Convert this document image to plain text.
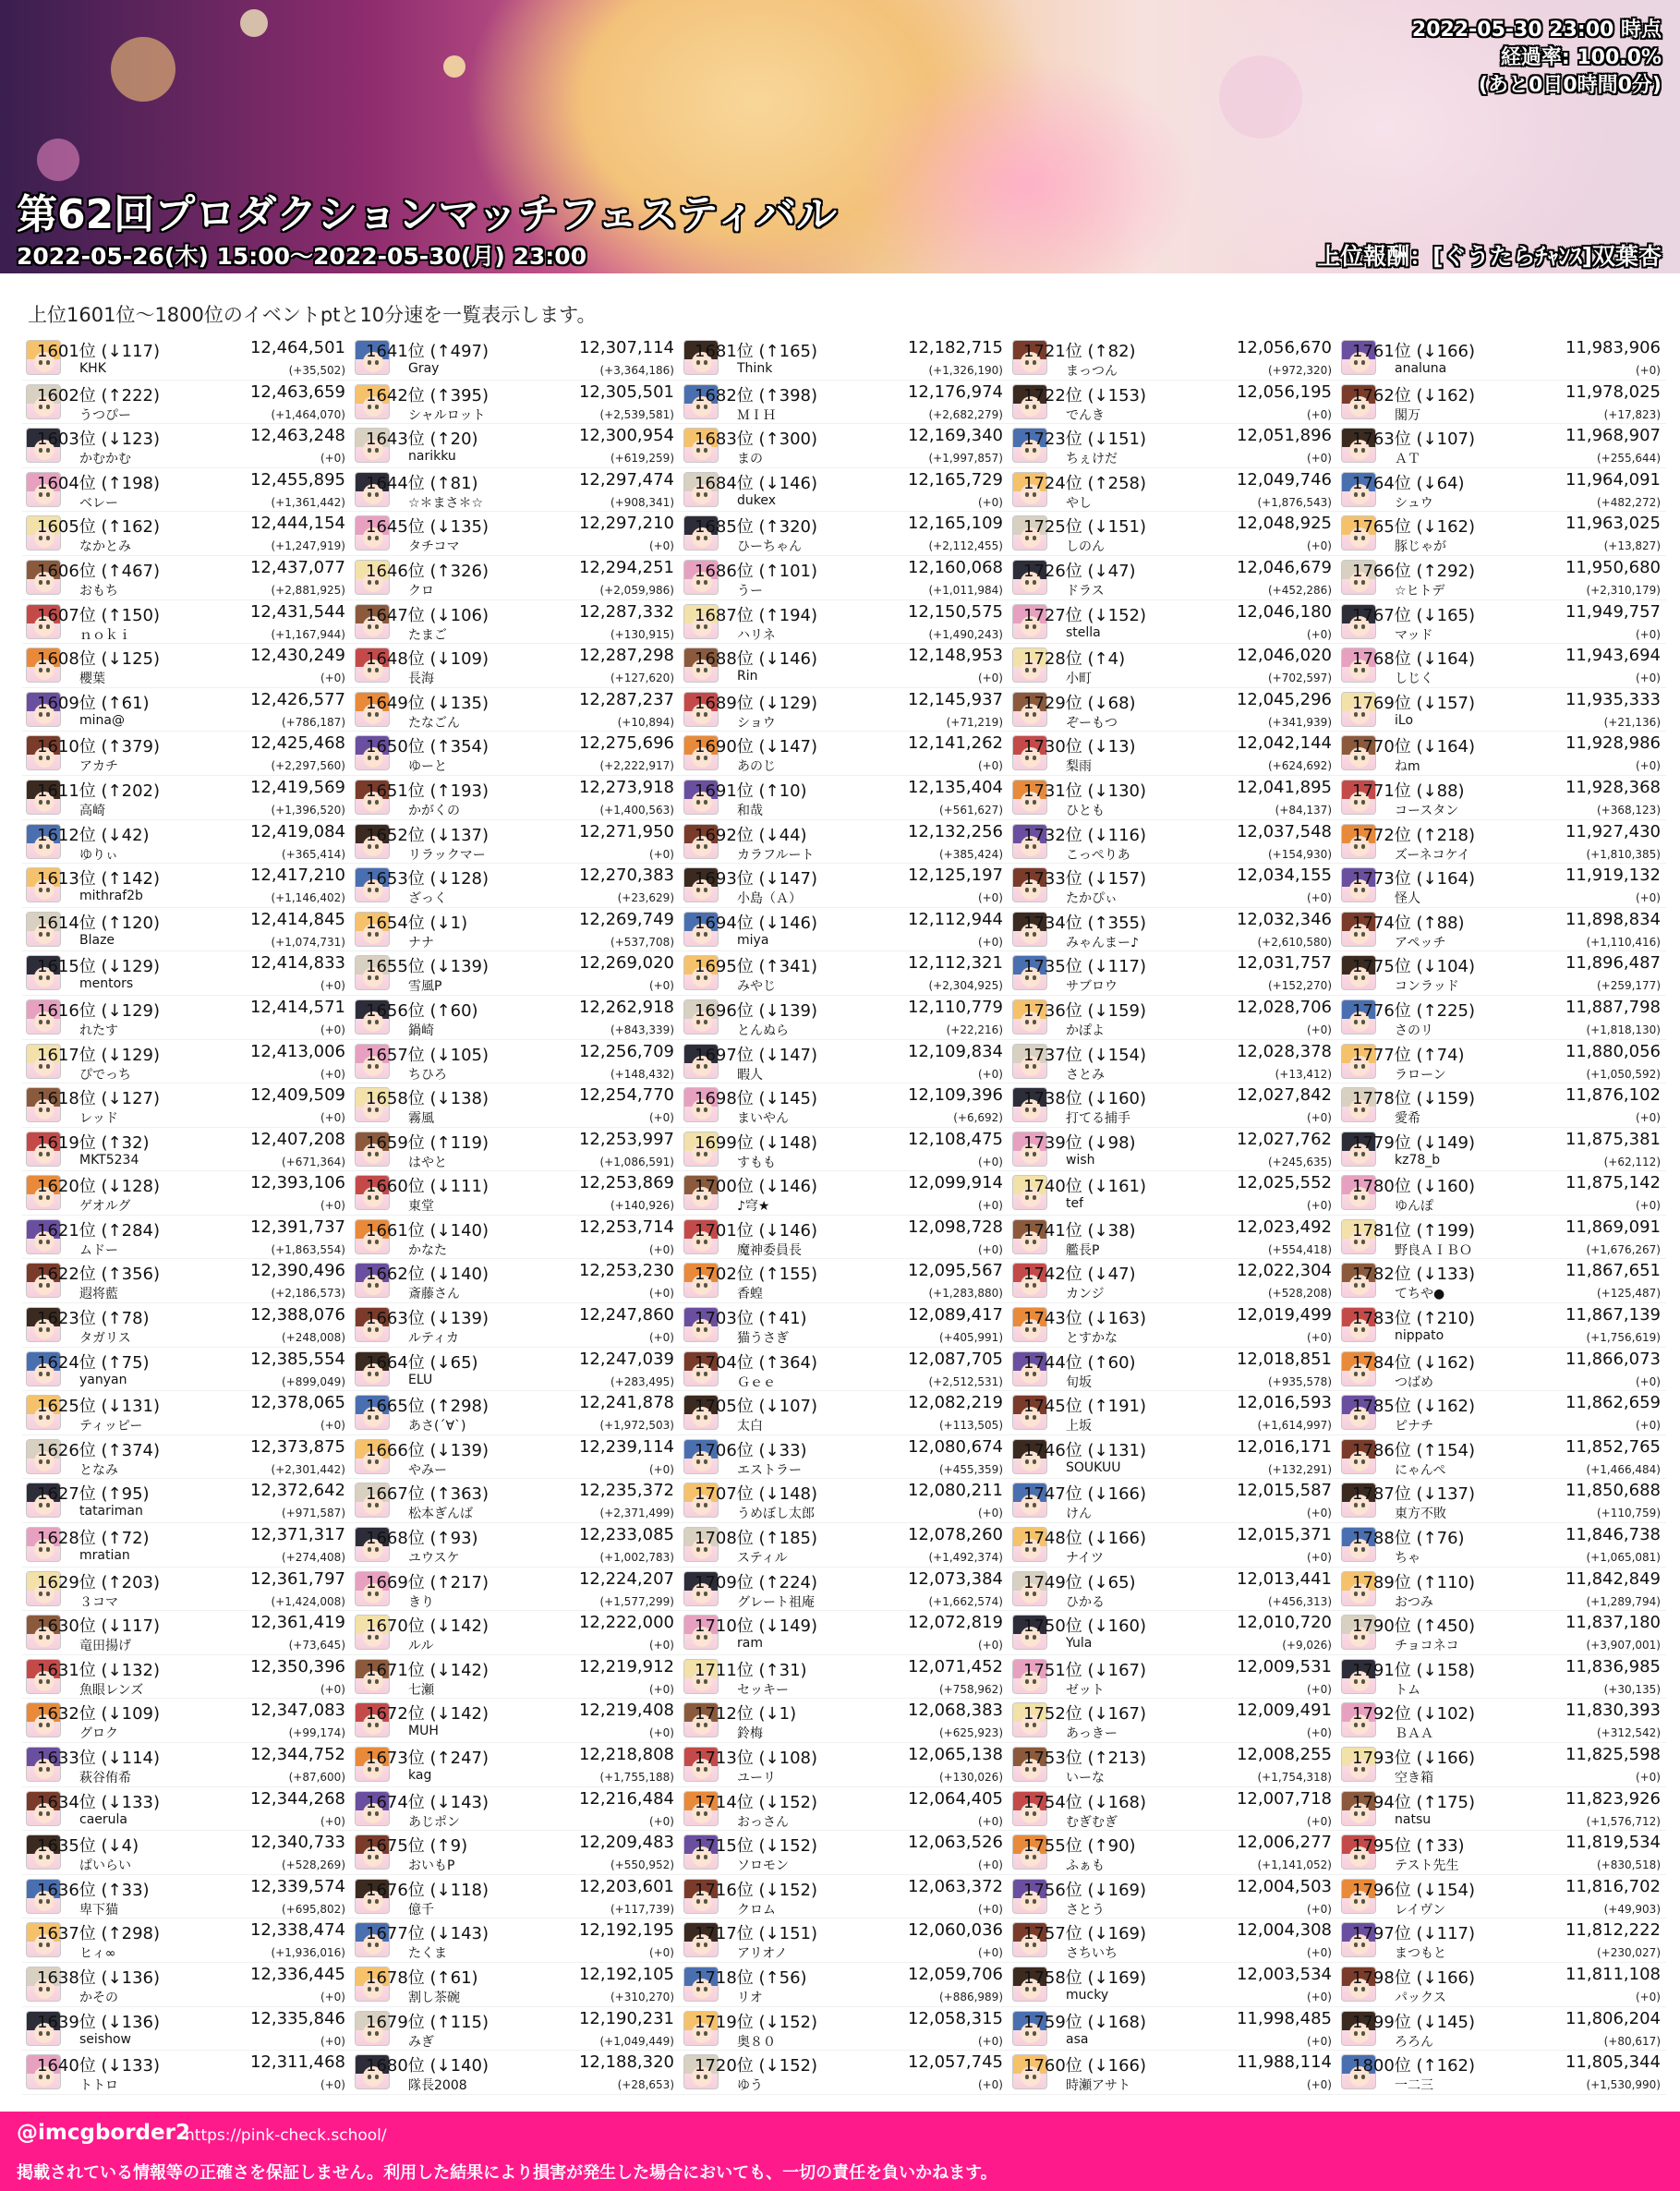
第62回プロダクションマッチフェスティバル
2022-05-26(木) 15:00～2022-05-30(月) 23:00	上位報酬：[ぐうたらﾁｬﾝｽ]双葉杏
2022-05-30 23:00 時点
経過率: 100.0%
(あと0日0時間0分)
上位1601位～1800位のイベントptと10分速を一覧表示します。
1601位 (↓117)	12,464,501
KHK	(+35,502)
1602位 (↑222)	12,463,659
うつぴー	(+1,464,070)
1603位 (↓123)	12,463,248
かむかむ	(+0)
1604位 (↑198)	12,455,895
ベレー	(+1,361,442)
1605位 (↑162)	12,444,154
なかとみ	(+1,247,919)
1606位 (↑467)	12,437,077
おもち	(+2,881,925)
1607位 (↑150)	12,431,544
ｎｏｋｉ	(+1,167,944)
1608位 (↓125)	12,430,249
櫻葉	(+0)
1609位 (↑61)	12,426,577
mina@	(+786,187)
1610位 (↑379)	12,425,468
アカチ	(+2,297,560)
1611位 (↑202)	12,419,569
高崎	(+1,396,520)
1612位 (↓42)	12,419,084
ゆりぃ	(+365,414)
1613位 (↑142)	12,417,210
mithraf2b	(+1,146,402)
1614位 (↑120)	12,414,845
Blaze	(+1,074,731)
1615位 (↓129)	12,414,833
mentors	(+0)
1616位 (↓129)	12,414,571
れたす	(+0)
1617位 (↓129)	12,413,006
ぴでっち	(+0)
1618位 (↓127)	12,409,509
レッド	(+0)
1619位 (↑32)	12,407,208
MKT5234	(+671,364)
1620位 (↓128)	12,393,106
ゲオルグ	(+0)
1621位 (↑284)	12,391,737
ムドー	(+1,863,554)
1622位 (↑356)	12,390,496
遐将藍	(+2,186,573)
1623位 (↑78)	12,388,076
タガリス	(+248,008)
1624位 (↑75)	12,385,554
yanyan	(+899,049)
1625位 (↓131)	12,378,065
ティッピー	(+0)
1626位 (↑374)	12,373,875
となみ	(+2,301,442)
1627位 (↑95)	12,372,642
tatariman	(+971,587)
1628位 (↑72)	12,371,317
mratian	(+274,408)
1629位 (↑203)	12,361,797
３コマ	(+1,424,008)
1630位 (↓117)	12,361,419
竜田揚げ	(+73,645)
1631位 (↓132)	12,350,396
魚眼レンズ	(+0)
1632位 (↓109)	12,347,083
グロク	(+99,174)
1633位 (↓114)	12,344,752
萩谷侑希	(+87,600)
1634位 (↓133)	12,344,268
caerula	(+0)
1635位 (↓4)	12,340,733
ぱいらい	(+528,269)
1636位 (↑33)	12,339,574
卑下猫	(+695,802)
1637位 (↑298)	12,338,474
ヒィ∞	(+1,936,016)
1638位 (↓136)	12,336,445
かその	(+0)
1639位 (↓136)	12,335,846
seishow	(+0)
1640位 (↓133)	12,311,468
トトロ	(+0)
1641位 (↑497)	12,307,114
Gray	(+3,364,186)
1642位 (↑395)	12,305,501
シャルロット	(+2,539,581)
1643位 (↑20)	12,300,954
narikku	(+619,259)
1644位 (↑81)	12,297,474
☆＊まさ＊☆	(+908,341)
1645位 (↓135)	12,297,210
タチコマ	(+0)
1646位 (↑326)	12,294,251
クロ	(+2,059,986)
1647位 (↓106)	12,287,332
たまご	(+130,915)
1648位 (↓109)	12,287,298
長海	(+127,620)
1649位 (↓135)	12,287,237
たなごん	(+10,894)
1650位 (↑354)	12,275,696
ゆーと	(+2,222,917)
1651位 (↑193)	12,273,918
かがくの	(+1,400,563)
1652位 (↓137)	12,271,950
リラックマー	(+0)
1653位 (↓128)	12,270,383
ざっく	(+23,629)
1654位 (↓1)	12,269,749
ナナ	(+537,708)
1655位 (↓139)	12,269,020
雪風P	(+0)
1656位 (↑60)	12,262,918
鍋崎	(+843,339)
1657位 (↓105)	12,256,709
ちひろ	(+148,432)
1658位 (↓138)	12,254,770
霧風	(+0)
1659位 (↑119)	12,253,997
はやと	(+1,086,591)
1660位 (↓111)	12,253,869
東堂	(+140,926)
1661位 (↓140)	12,253,714
かなた	(+0)
1662位 (↓140)	12,253,230
斎藤さん	(+0)
1663位 (↓139)	12,247,860
ルティカ	(+0)
1664位 (↓65)	12,247,039
ELU	(+283,495)
1665位 (↑298)	12,241,878
あさ(´∀`)	(+1,972,503)
1666位 (↓139)	12,239,114
やみー	(+0)
1667位 (↑363)	12,235,372
松本ぎんば	(+2,371,499)
1668位 (↑93)	12,233,085
ユウスケ	(+1,002,783)
1669位 (↑217)	12,224,207
きり	(+1,577,299)
1670位 (↓142)	12,222,000
ルル	(+0)
1671位 (↓142)	12,219,912
七瀬	(+0)
1672位 (↓142)	12,219,408
MUH	(+0)
1673位 (↑247)	12,218,808
kag	(+1,755,188)
1674位 (↓143)	12,216,484
あじポン	(+0)
1675位 (↑9)	12,209,483
おいもP	(+550,952)
1676位 (↓118)	12,203,601
億千	(+117,739)
1677位 (↓143)	12,192,195
たくま	(+0)
1678位 (↑61)	12,192,105
割し茶碗	(+310,270)
1679位 (↑115)	12,190,231
みぎ	(+1,049,449)
1680位 (↓140)	12,188,320
隊長2008	(+28,653)
1681位 (↑165)	12,182,715
Think	(+1,326,190)
1682位 (↑398)	12,176,974
ＭＩＨ	(+2,682,279)
1683位 (↑300)	12,169,340
まの	(+1,997,857)
1684位 (↓146)	12,165,729
dukex	(+0)
1685位 (↑320)	12,165,109
ひーちゃん	(+2,112,455)
1686位 (↑101)	12,160,068
うー	(+1,011,984)
1687位 (↑194)	12,150,575
ハリネ	(+1,490,243)
1688位 (↓146)	12,148,953
Rin	(+0)
1689位 (↓129)	12,145,937
ショウ	(+71,219)
1690位 (↓147)	12,141,262
あのじ	(+0)
1691位 (↑10)	12,135,404
和哉	(+561,627)
1692位 (↓44)	12,132,256
カラフルート	(+385,424)
1693位 (↓147)	12,125,197
小島（Ａ）	(+0)
1694位 (↓146)	12,112,944
miya	(+0)
1695位 (↑341)	12,112,321
みやじ	(+2,304,925)
1696位 (↓139)	12,110,779
とんぬら	(+22,216)
1697位 (↓147)	12,109,834
暇人	(+0)
1698位 (↓145)	12,109,396
まいやん	(+6,692)
1699位 (↓148)	12,108,475
すもも	(+0)
1700位 (↓146)	12,099,914
♪穹★	(+0)
1701位 (↓146)	12,098,728
魔神委員長	(+0)
1702位 (↑155)	12,095,567
香蝗	(+1,283,880)
1703位 (↑41)	12,089,417
猫うさぎ	(+405,991)
1704位 (↑364)	12,087,705
Ｇｅｅ	(+2,512,531)
1705位 (↓107)	12,082,219
太白	(+113,505)
1706位 (↓33)	12,080,674
エストラー	(+455,359)
1707位 (↓148)	12,080,211
うめぼし太郎	(+0)
1708位 (↑185)	12,078,260
スティル	(+1,492,374)
1709位 (↑224)	12,073,384
グレート祖庵	(+1,662,574)
1710位 (↓149)	12,072,819
ram	(+0)
1711位 (↑31)	12,071,452
セッキー	(+758,962)
1712位 (↓1)	12,068,383
鈴梅	(+625,923)
1713位 (↓108)	12,065,138
ユーリ	(+130,026)
1714位 (↓152)	12,064,405
おっさん	(+0)
1715位 (↓152)	12,063,526
ソロモン	(+0)
1716位 (↓152)	12,063,372
クロム	(+0)
1717位 (↓151)	12,060,036
アリオノ	(+0)
1718位 (↑56)	12,059,706
リオ	(+886,989)
1719位 (↓152)	12,058,315
奥８０	(+0)
1720位 (↓152)	12,057,745
ゆう	(+0)
1721位 (↑82)	12,056,670
まっつん	(+972,320)
1722位 (↓153)	12,056,195
でんき	(+0)
1723位 (↓151)	12,051,896
ちぇけだ	(+0)
1724位 (↑258)	12,049,746
やし	(+1,876,543)
1725位 (↓151)	12,048,925
しのん	(+0)
1726位 (↓47)	12,046,679
ドラス	(+452,286)
1727位 (↓152)	12,046,180
stella	(+0)
1728位 (↑4)	12,046,020
小町	(+702,597)
1729位 (↓68)	12,045,296
ぞーもつ	(+341,939)
1730位 (↓13)	12,042,144
梨雨	(+624,692)
1731位 (↓130)	12,041,895
ひとも	(+84,137)
1732位 (↓116)	12,037,548
こっぺりあ	(+154,930)
1733位 (↓157)	12,034,155
たかぴぃ	(+0)
1734位 (↑355)	12,032,346
みゃんまー♪	(+2,610,580)
1735位 (↓117)	12,031,757
サブロウ	(+152,270)
1736位 (↓159)	12,028,706
かぽよ	(+0)
1737位 (↓154)	12,028,378
さとみ	(+13,412)
1738位 (↓160)	12,027,842
打てる捕手	(+0)
1739位 (↓98)	12,027,762
wish	(+245,635)
1740位 (↓161)	12,025,552
tef	(+0)
1741位 (↓38)	12,023,492
艦長P	(+554,418)
1742位 (↓47)	12,022,304
カンジ	(+528,208)
1743位 (↓163)	12,019,499
とすかな	(+0)
1744位 (↑60)	12,018,851
旬坂	(+935,578)
1745位 (↑191)	12,016,593
上坂	(+1,614,997)
1746位 (↓131)	12,016,171
SOUKUU	(+132,291)
1747位 (↓166)	12,015,587
けん	(+0)
1748位 (↓166)	12,015,371
ナイツ	(+0)
1749位 (↓65)	12,013,441
ひかる	(+456,313)
1750位 (↓160)	12,010,720
Yula	(+9,026)
1751位 (↓167)	12,009,531
ゼット	(+0)
1752位 (↓167)	12,009,491
あっきー	(+0)
1753位 (↑213)	12,008,255
いーな	(+1,754,318)
1754位 (↓168)	12,007,718
むぎむぎ	(+0)
1755位 (↑90)	12,006,277
ふぁも	(+1,141,052)
1756位 (↓169)	12,004,503
さとう	(+0)
1757位 (↓169)	12,004,308
さちいち	(+0)
1758位 (↓169)	12,003,534
mucky	(+0)
1759位 (↓168)	11,998,485
asa	(+0)
1760位 (↓166)	11,988,114
時瀬アサト	(+0)
1761位 (↓166)	11,983,906
analuna	(+0)
1762位 (↓162)	11,978,025
閣万	(+17,823)
1763位 (↓107)	11,968,907
ＡＴ	(+255,644)
1764位 (↓64)	11,964,091
シュウ	(+482,272)
1765位 (↓162)	11,963,025
豚じゃが	(+13,827)
1766位 (↑292)	11,950,680
☆ヒトデ	(+2,310,179)
1767位 (↓165)	11,949,757
マッド	(+0)
1768位 (↓164)	11,943,694
しじく	(+0)
1769位 (↓157)	11,935,333
iLo	(+21,136)
1770位 (↓164)	11,928,986
ねm	(+0)
1771位 (↓88)	11,928,368
コースタン	(+368,123)
1772位 (↑218)	11,927,430
ズーネコケイ	(+1,810,385)
1773位 (↓164)	11,919,132
怪人	(+0)
1774位 (↑88)	11,898,834
アペッチ	(+1,110,416)
1775位 (↓104)	11,896,487
コンラッド	(+259,177)
1776位 (↑225)	11,887,798
さのリ	(+1,818,130)
1777位 (↑74)	11,880,056
ラローン	(+1,050,592)
1778位 (↓159)	11,876,102
愛希	(+0)
1779位 (↓149)	11,875,381
kz78_b	(+62,112)
1780位 (↓160)	11,875,142
ゆんぽ	(+0)
1781位 (↑199)	11,869,091
野良ＡＩＢＯ	(+1,676,267)
1782位 (↓133)	11,867,651
てちや●	(+125,487)
1783位 (↑210)	11,867,139
nippato	(+1,756,619)
1784位 (↓162)	11,866,073
つばめ	(+0)
1785位 (↓162)	11,862,659
ピナチ	(+0)
1786位 (↑154)	11,852,765
にゃんぺ	(+1,466,484)
1787位 (↓137)	11,850,688
東方不敗	(+110,759)
1788位 (↑76)	11,846,738
ちゃ	(+1,065,081)
1789位 (↑110)	11,842,849
おつみ	(+1,289,794)
1790位 (↑450)	11,837,180
チョコネコ	(+3,907,001)
1791位 (↓158)	11,836,985
トム	(+30,135)
1792位 (↓102)	11,830,393
ＢＡＡ	(+312,542)
1793位 (↓166)	11,825,598
空き箱	(+0)
1794位 (↑175)	11,823,926
natsu	(+1,576,712)
1795位 (↑33)	11,819,534
テスト先生	(+830,518)
1796位 (↓154)	11,816,702
レイヴン	(+49,903)
1797位 (↓117)	11,812,222
まつもと	(+230,027)
1798位 (↓166)	11,811,108
パックス	(+0)
1799位 (↓145)	11,806,204
ろろん	(+80,617)
1800位 (↑162)	11,805,344
一二三	(+1,530,990)
@imcgborder2
https://pink-check.school/
掲載されている情報等の正確さを保証しません。利用した結果により損害が発生した場合においても、一切の責任を負いかねます。
